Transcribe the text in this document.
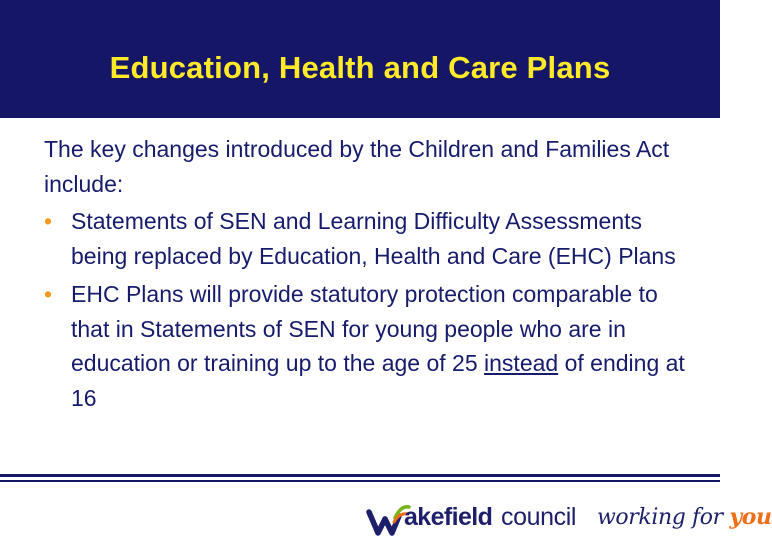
Education, Health and Care Plans

The key changes introduced by the Children and Families Act include:

• Statements of SEN and Learning Difficulty Assessments being replaced by Education, Health and Care (EHC) Plans
• EHC Plans will provide statutory protection comparable to that in Statements of SEN for young people who are in education or training up to the age of 25 instead of ending at 16
akefield council working for you
